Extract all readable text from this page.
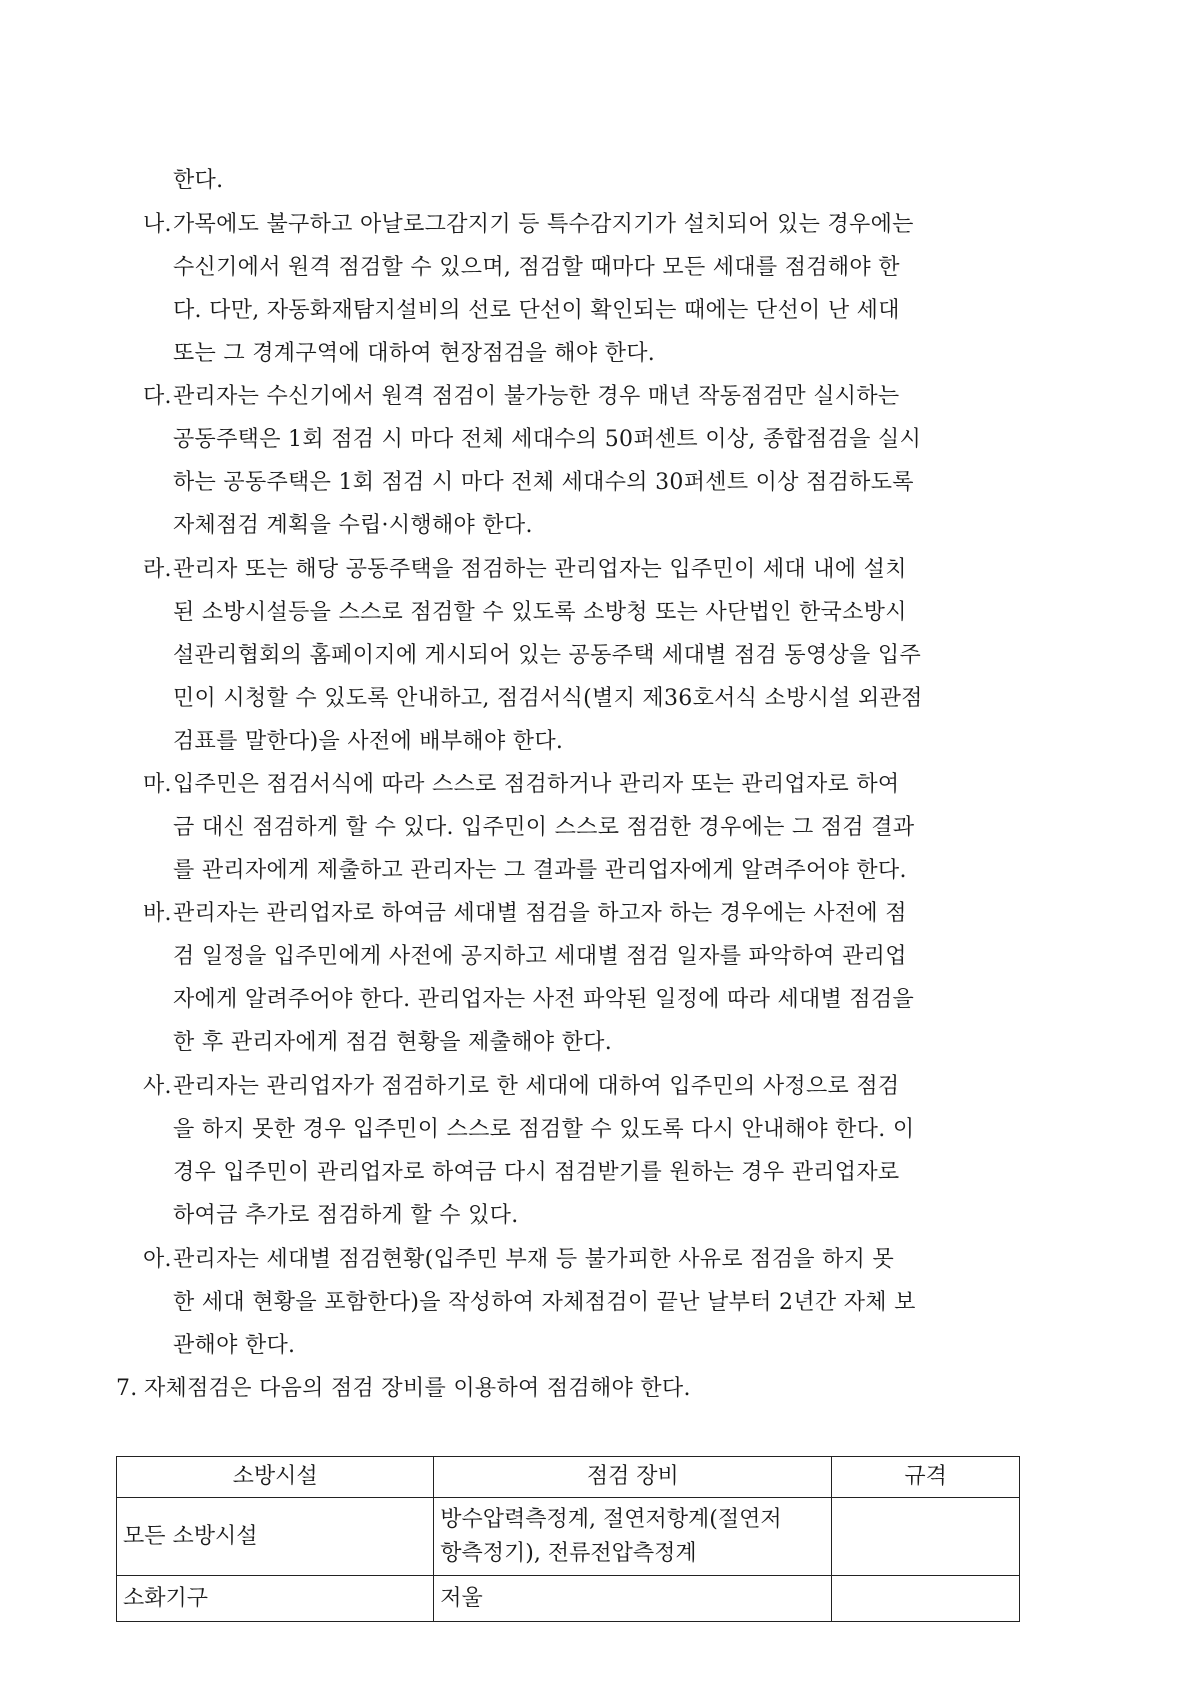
한다.
나.가목에도 불구하고 아날로그감지기 등 특수감지기가 설치되어 있는 경우에는
수신기에서 원격 점검할 수 있으며, 점검할 때마다 모든 세대를 점검해야 한
다. 다만, 자동화재탐지설비의 선로 단선이 확인되는 때에는 단선이 난 세대
또는 그 경계구역에 대하여 현장점검을 해야 한다.
다.관리자는 수신기에서 원격 점검이 불가능한 경우 매년 작동점검만 실시하는
공동주택은 1회 점검 시 마다 전체 세대수의 50퍼센트 이상, 종합점검을 실시
하는 공동주택은 1회 점검 시 마다 전체 세대수의 30퍼센트 이상 점검하도록
자체점검 계획을 수립·시행해야 한다.
라.관리자 또는 해당 공동주택을 점검하는 관리업자는 입주민이 세대 내에 설치
된 소방시설등을 스스로 점검할 수 있도록 소방청 또는 사단법인 한국소방시
설관리협회의 홈페이지에 게시되어 있는 공동주택 세대별 점검 동영상을 입주
민이 시청할 수 있도록 안내하고, 점검서식(별지 제36호서식 소방시설 외관점
검표를 말한다)을 사전에 배부해야 한다.
마.입주민은 점검서식에 따라 스스로 점검하거나 관리자 또는 관리업자로 하여
금 대신 점검하게 할 수 있다. 입주민이 스스로 점검한 경우에는 그 점검 결과
를 관리자에게 제출하고 관리자는 그 결과를 관리업자에게 알려주어야 한다.
바.관리자는 관리업자로 하여금 세대별 점검을 하고자 하는 경우에는 사전에 점
검 일정을 입주민에게 사전에 공지하고 세대별 점검 일자를 파악하여 관리업
자에게 알려주어야 한다. 관리업자는 사전 파악된 일정에 따라 세대별 점검을
한 후 관리자에게 점검 현황을 제출해야 한다.
사.관리자는 관리업자가 점검하기로 한 세대에 대하여 입주민의 사정으로 점검
을 하지 못한 경우 입주민이 스스로 점검할 수 있도록 다시 안내해야 한다. 이
경우 입주민이 관리업자로 하여금 다시 점검받기를 원하는 경우 관리업자로
하여금 추가로 점검하게 할 수 있다.
아.관리자는 세대별 점검현황(입주민 부재 등 불가피한 사유로 점검을 하지 못
한 세대 현황을 포함한다)을 작성하여 자체점검이 끝난 날부터 2년간 자체 보
관해야 한다.
7. 자체점검은 다음의 점검 장비를 이용하여 점검해야 한다.
소방시설	점검 장비	규격
모든 소방시설	방수압력측정계, 절연저항계(절연저
항측정기), 전류전압측정계	

소화기구	저울	
